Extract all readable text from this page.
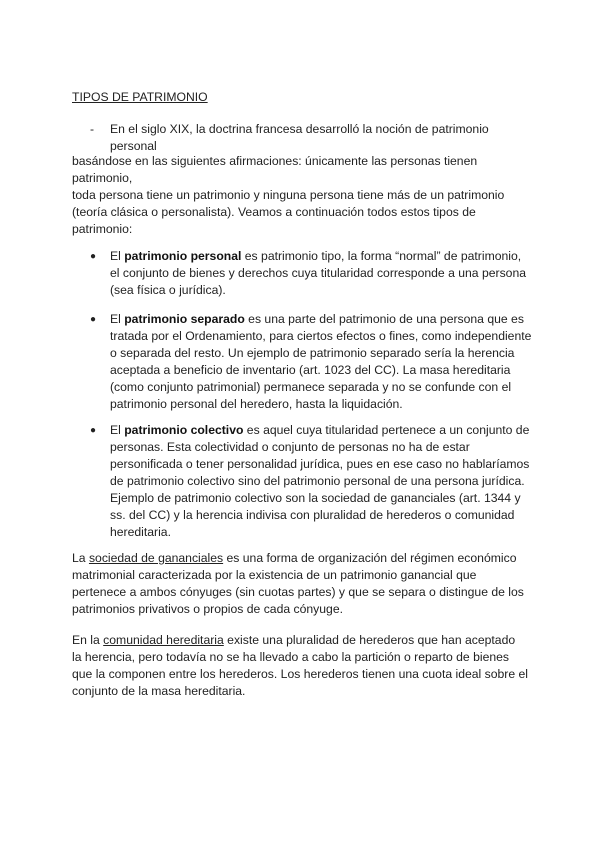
TIPOS DE PATRIMONIO
- En el siglo XIX, la doctrina francesa desarrolló la noción de patrimonio
personal
basándose en las siguientes afirmaciones: únicamente las personas tienen
patrimonio,
toda persona tiene un patrimonio y ninguna persona tiene más de un patrimonio
(teoría clásica o personalista). Veamos a continuación todos estos tipos de
patrimonio:
● El patrimonio personal es patrimonio tipo, la forma “normal” de patrimonio,
el conjunto de bienes y derechos cuya titularidad corresponde a una persona
(sea física o jurídica).
● El patrimonio separado es una parte del patrimonio de una persona que es
tratada por el Ordenamiento, para ciertos efectos o fines, como independiente
o separada del resto. Un ejemplo de patrimonio separado sería la herencia
aceptada a beneficio de inventario (art. 1023 del CC). La masa hereditaria
(como conjunto patrimonial) permanece separada y no se confunde con el
patrimonio personal del heredero, hasta la liquidación.
● El patrimonio colectivo es aquel cuya titularidad pertenece a un conjunto de
personas. Esta colectividad o conjunto de personas no ha de estar
personificada o tener personalidad jurídica, pues en ese caso no hablaríamos
de patrimonio colectivo sino del patrimonio personal de una persona jurídica.
Ejemplo de patrimonio colectivo son la sociedad de gananciales (art. 1344 y
ss. del CC) y la herencia indivisa con pluralidad de herederos o comunidad
hereditaria.
La sociedad de gananciales es una forma de organización del régimen económico
matrimonial caracterizada por la existencia de un patrimonio ganancial que
pertenece a ambos cónyuges (sin cuotas partes) y que se separa o distingue de los
patrimonios privativos o propios de cada cónyuge.
En la comunidad hereditaria existe una pluralidad de herederos que han aceptado
la herencia, pero todavía no se ha llevado a cabo la partición o reparto de bienes
que la componen entre los herederos. Los herederos tienen una cuota ideal sobre el
conjunto de la masa hereditaria.
